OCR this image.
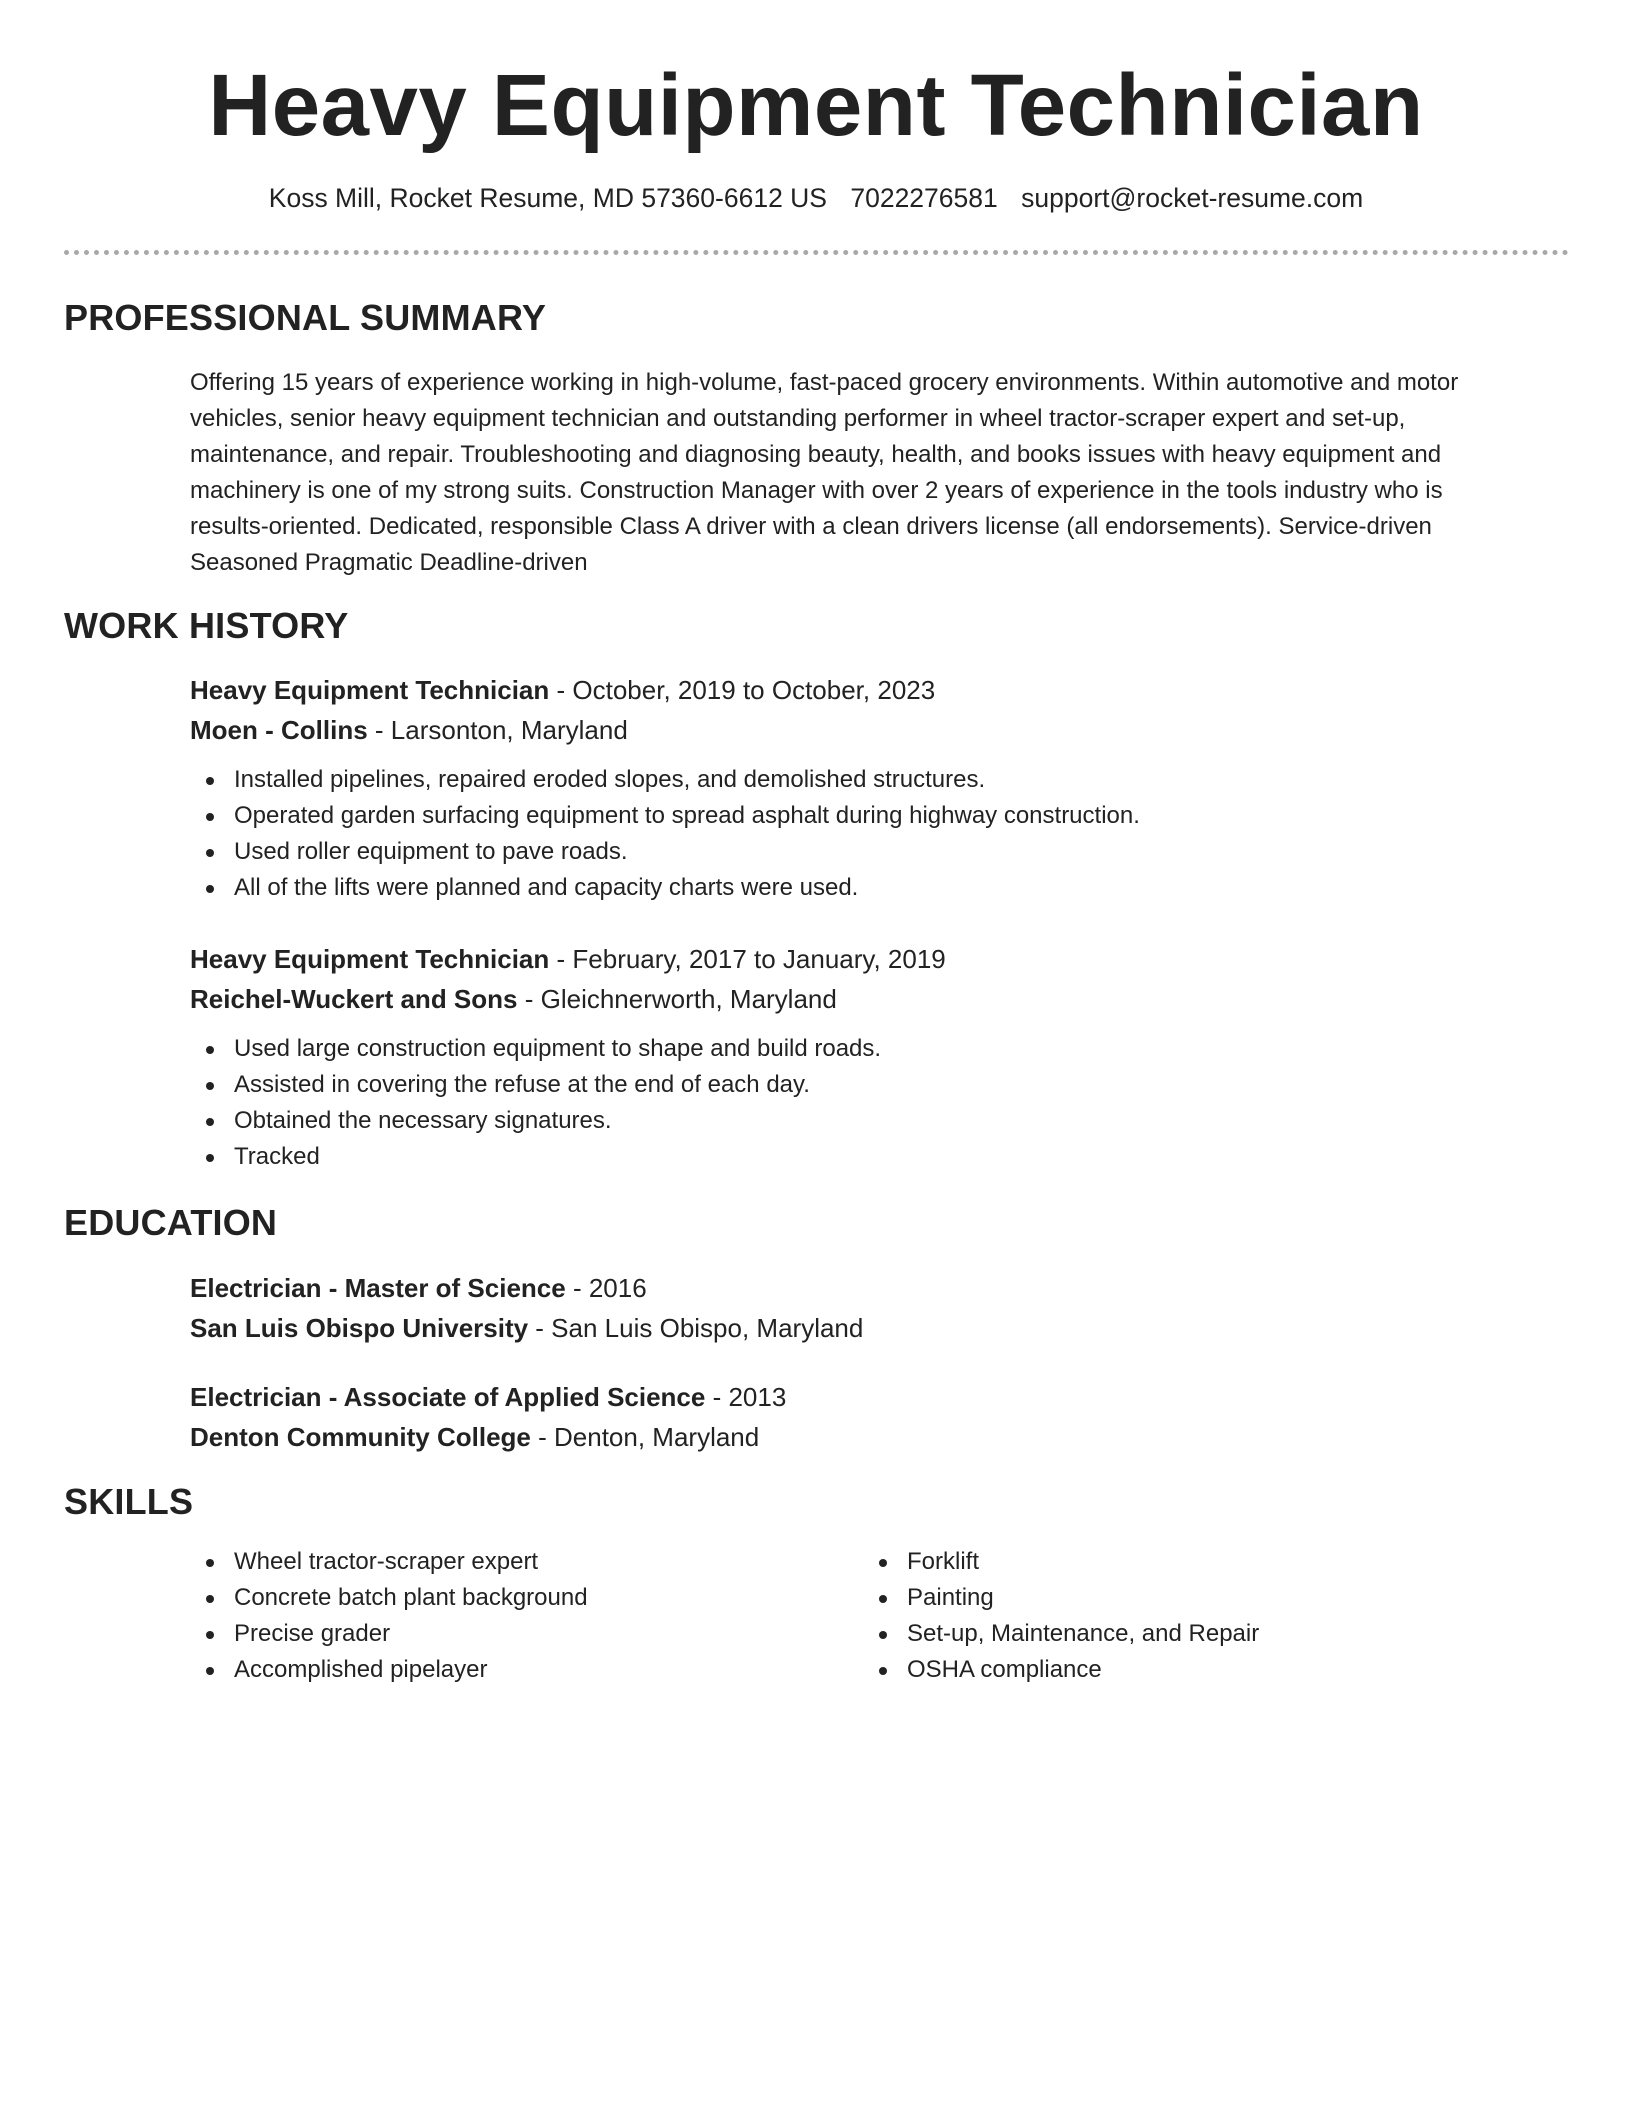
Heavy Equipment Technician
Koss Mill, Rocket Resume, MD 57360-6612 US 7022276581 support@rocket-resume.com
PROFESSIONAL SUMMARY
Offering 15 years of experience working in high-volume, fast-paced grocery environments. Within automotive and motor vehicles, senior heavy equipment technician and outstanding performer in wheel tractor-scraper expert and set-up, maintenance, and repair. Troubleshooting and diagnosing beauty, health, and books issues with heavy equipment and machinery is one of my strong suits. Construction Manager with over 2 years of experience in the tools industry who is results-oriented. Dedicated, responsible Class A driver with a clean drivers license (all endorsements). Service-driven Seasoned Pragmatic Deadline-driven
WORK HISTORY
Heavy Equipment Technician - October, 2019 to October, 2023
Moen - Collins - Larsonton, Maryland
Installed pipelines, repaired eroded slopes, and demolished structures.
Operated garden surfacing equipment to spread asphalt during highway construction.
Used roller equipment to pave roads.
All of the lifts were planned and capacity charts were used.
Heavy Equipment Technician - February, 2017 to January, 2019
Reichel-Wuckert and Sons - Gleichnerworth, Maryland
Used large construction equipment to shape and build roads.
Assisted in covering the refuse at the end of each day.
Obtained the necessary signatures.
Tracked
EDUCATION
Electrician - Master of Science - 2016
San Luis Obispo University - San Luis Obispo, Maryland
Electrician - Associate of Applied Science - 2013
Denton Community College - Denton, Maryland
SKILLS
Wheel tractor-scraper expert
Concrete batch plant background
Precise grader
Accomplished pipelayer
Forklift
Painting
Set-up, Maintenance, and Repair
OSHA compliance
